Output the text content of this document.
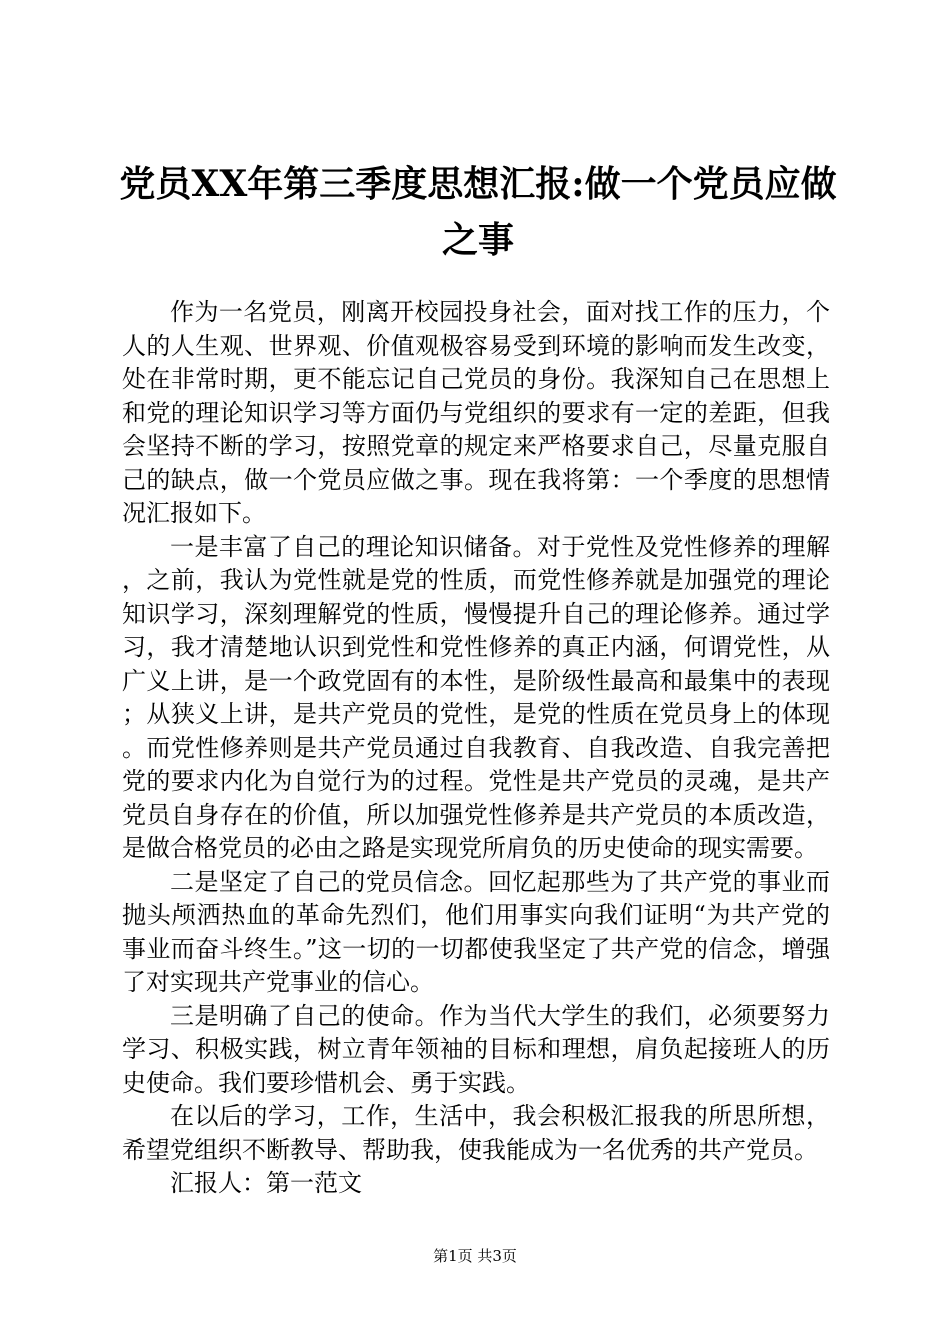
党员XX年第三季度思想汇报:做一个党员应做之事

作为一名党员，刚离开校园投身社会，面对找工作的压力，个人的人生观、世界观、价值观极容易受到环境的影响而发生改变，处在非常时期，更不能忘记自己党员的身份。我深知自己在思想上和党的理论知识学习等方面仍与党组织的要求有一定的差距，但我会坚持不断的学习，按照党章的规定来严格要求自己，尽量克服自己的缺点，做一个党员应做之事。现在我将第：一个季度的思想情况汇报如下。

一是丰富了自己的理论知识储备。对于党性及党性修养的理解，之前，我认为党性就是党的性质，而党性修养就是加强党的理论知识学习，深刻理解党的性质，慢慢提升自己的理论修养。通过学习，我才清楚地认识到党性和党性修养的真正内涵，何谓党性，从广义上讲，是一个政党固有的本性，是阶级性最高和最集中的表现；从狭义上讲，是共产党员的党性，是党的性质在党员身上的体现。而党性修养则是共产党员通过自我教育、自我改造、自我完善把党的要求内化为自觉行为的过程。党性是共产党员的灵魂，是共产党员自身存在的价值，所以加强党性修养是共产党员的本质改造，是做合格党员的必由之路是实现党所肩负的历史使命的现实需要。

二是坚定了自己的党员信念。回忆起那些为了共产党的事业而抛头颅洒热血的革命先烈们，他们用事实向我们证明“为共产党的事业而奋斗终生。”这一切的一切都使我坚定了共产党的信念，增强了对实现共产党事业的信心。

三是明确了自己的使命。作为当代大学生的我们，必须要努力学习、积极实践，树立青年领袖的目标和理想，肩负起接班人的历史使命。我们要珍惜机会、勇于实践。

在以后的学习，工作，生活中，我会积极汇报我的所思所想，希望党组织不断教导、帮助我，使我能成为一名优秀的共产党员。

汇报人：第一范文

第1页 共3页
